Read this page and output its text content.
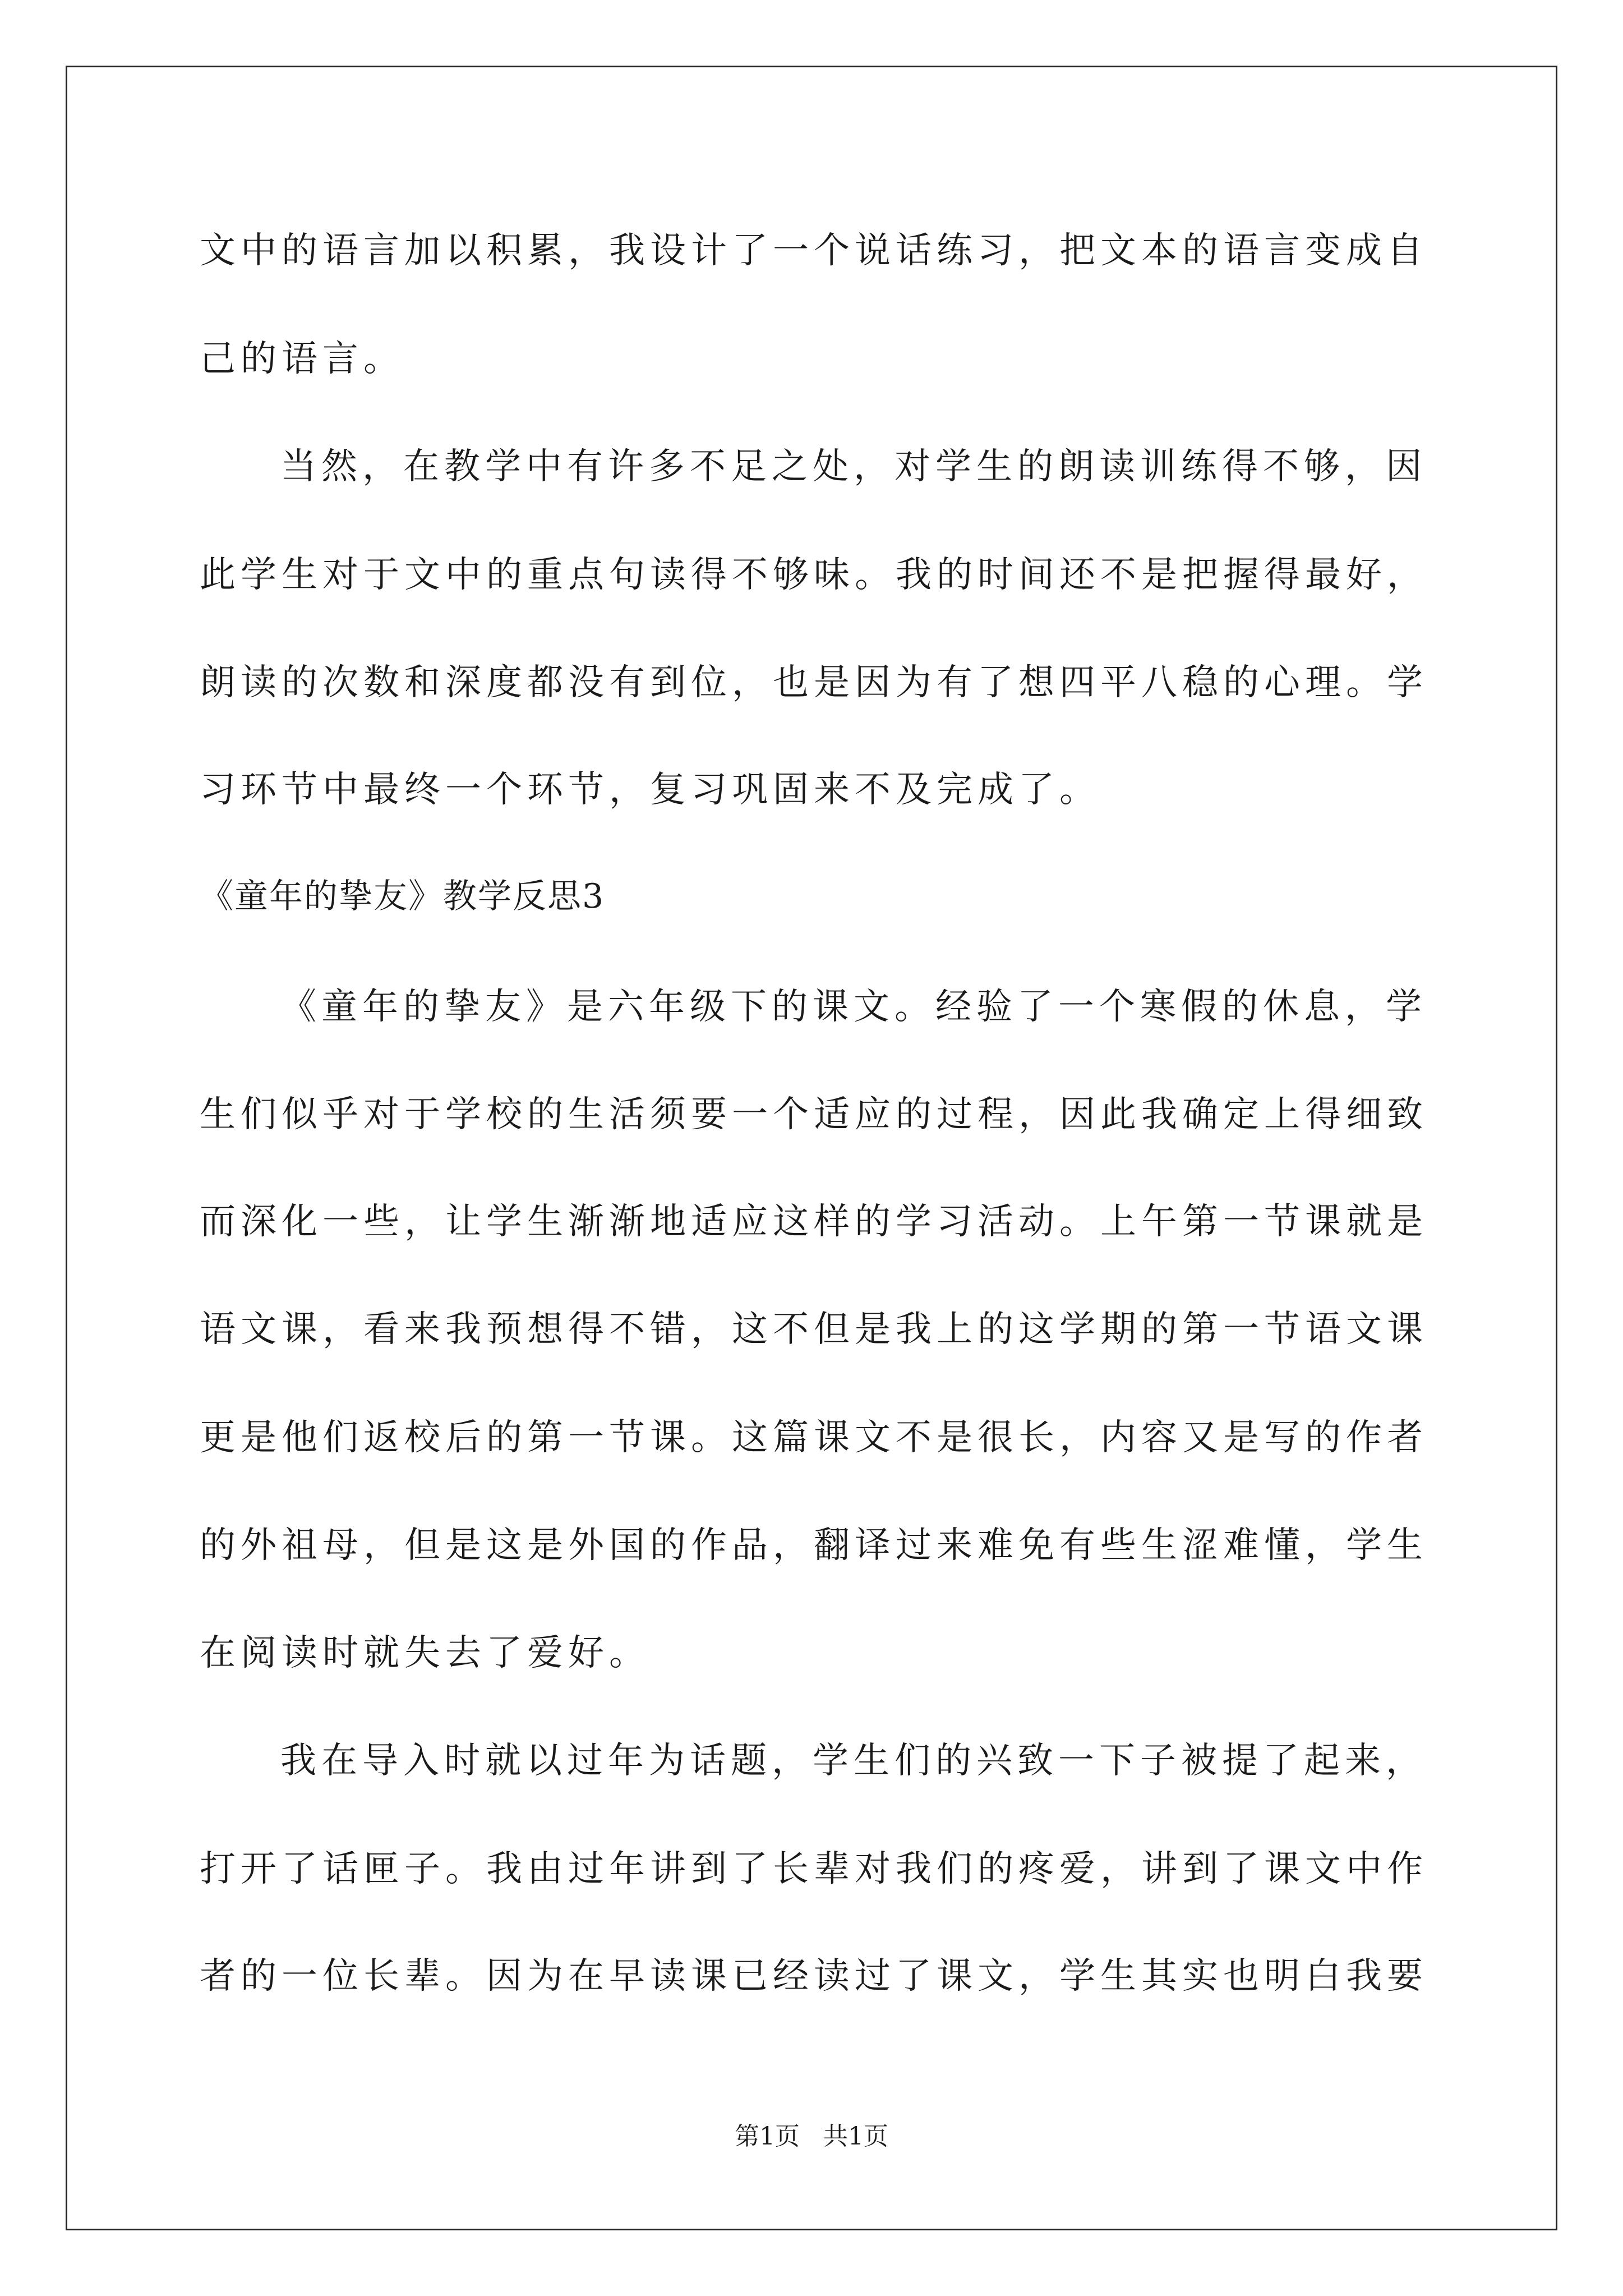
文中的语言加以积累，我设计了一个说话练习，把文本的语言变成自
己的语言。
当然，在教学中有许多不足之处，对学生的朗读训练得不够，因
此学生对于文中的重点句读得不够味。我的时间还不是把握得最好，
朗读的次数和深度都没有到位，也是因为有了想四平八稳的心理。学
习环节中最终一个环节，复习巩固来不及完成了。
《童年的挚友》教学反思3
《童年的挚友》是六年级下的课文。经验了一个寒假的休息，学
生们似乎对于学校的生活须要一个适应的过程，因此我确定上得细致
而深化一些，让学生渐渐地适应这样的学习活动。上午第一节课就是
语文课，看来我预想得不错，这不但是我上的这学期的第一节语文课
更是他们返校后的第一节课。这篇课文不是很长，内容又是写的作者
的外祖母，但是这是外国的作品，翻译过来难免有些生涩难懂，学生
在阅读时就失去了爱好。
我在导入时就以过年为话题，学生们的兴致一下子被提了起来，
打开了话匣子。我由过年讲到了长辈对我们的疼爱，讲到了课文中作
者的一位长辈。因为在早读课已经读过了课文，学生其实也明白我要
第1页   共1页
